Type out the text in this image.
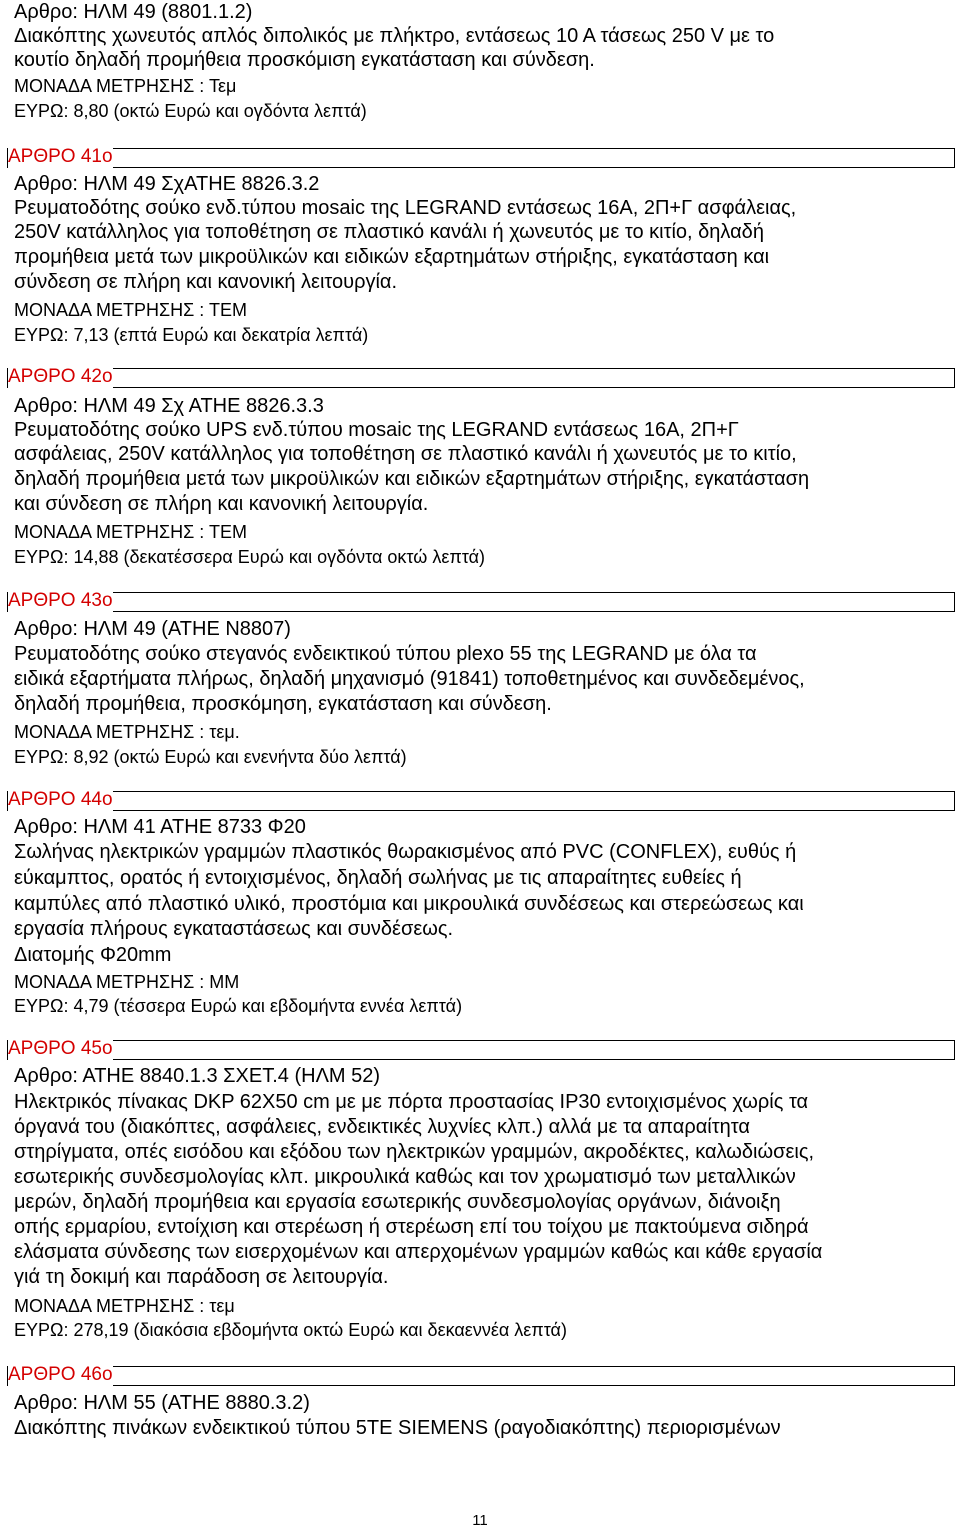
Αρθρο: ΗΛΜ 49 (8801.1.2)
Διακόπτης χωνευτός απλός διπολικός με πλήκτρο, εντάσεως 10 Α τάσεως 250 V με το
κουτίο δηλαδή προμήθεια προσκόμιση εγκατάσταση και σύνδεση.
ΜΟΝΑΔΑ ΜΕΤΡΗΣΗΣ : Τεμ
ΕΥΡΩ: 8,80 (οκτώ Ευρώ και ογδόντα λεπτά)
ΑΡΘΡΟ 41ο
Αρθρο: ΗΛΜ 49 ΣχΑΤΗΕ 8826.3.2
Ρευματοδότης σούκο ενδ.τύπου mosaic της LEGRAND εντάσεως 16Α, 2Π+Γ ασφάλειας,
250V κατάλληλος για τοποθέτηση σε πλαστικό κανάλι ή χωνευτός με το κιτίο, δηλαδή
προμήθεια μετά των μικροϋλικών και ειδικών εξαρτημάτων στήριξης, εγκατάσταση και
σύνδεση σε πλήρη και κανονική λειτουργία.
ΜΟΝΑΔΑ ΜΕΤΡΗΣΗΣ : ΤΕΜ
ΕΥΡΩ: 7,13 (επτά Ευρώ και δεκατρία λεπτά)
ΑΡΘΡΟ 42ο
Αρθρο: ΗΛΜ 49 Σχ ΑΤΗΕ 8826.3.3
Ρευματοδότης σούκο UPS ενδ.τύπου mosaic της LEGRAND εντάσεως 16Α, 2Π+Γ
ασφάλειας, 250V κατάλληλος για τοποθέτηση σε πλαστικό κανάλι ή χωνευτός με το κιτίο,
δηλαδή προμήθεια μετά των μικροϋλικών και ειδικών εξαρτημάτων στήριξης, εγκατάσταση
και σύνδεση σε πλήρη και κανονική λειτουργία.
ΜΟΝΑΔΑ ΜΕΤΡΗΣΗΣ : ΤΕΜ
ΕΥΡΩ: 14,88 (δεκατέσσερα Ευρώ και ογδόντα οκτώ λεπτά)
ΑΡΘΡΟ 43ο
Αρθρο: ΗΛΜ 49 (ΑΤΗΕ Ν8807)
Ρευματοδότης σούκο στεγανός ενδεικτικού τύπου plexo 55 της LEGRAND με όλα τα
ειδικά εξαρτήματα πλήρως, δηλαδή μηχανισμό (91841) τοποθετημένος και συνδεδεμένος,
δηλαδή προμήθεια, προσκόμηση, εγκατάσταση και σύνδεση.
ΜΟΝΑΔΑ ΜΕΤΡΗΣΗΣ : τεμ.
ΕΥΡΩ: 8,92 (οκτώ Ευρώ και ενενήντα δύο λεπτά)
ΑΡΘΡΟ 44ο
Αρθρο: ΗΛΜ 41 ΑΤΗΕ 8733 Φ20
Σωλήνας ηλεκτρικών γραμμών πλαστικός θωρακισμένος από PVC (CONFLEX), ευθύς ή
εύκαμπτος, ορατός ή εντοιχισμένος, δηλαδή σωλήνας με τις απαραίτητες ευθείες ή
καμπύλες από πλαστικό υλικό, προστόμια και μικρουλικά συνδέσεως και στερεώσεως και
εργασία πλήρους εγκαταστάσεως και συνδέσεως.
Διατομής Φ20mm
ΜΟΝΑΔΑ ΜΕΤΡΗΣΗΣ : ΜΜ
ΕΥΡΩ: 4,79 (τέσσερα Ευρώ και εβδομήντα εννέα λεπτά)
ΑΡΘΡΟ 45ο
Αρθρο: ΑΤΗΕ 8840.1.3 ΣΧΕΤ.4 (ΗΛΜ 52)
Ηλεκτρικός πίνακας DKP 62Χ50 cm με με πόρτα προστασίας IP30 εντοιχισμένος χωρίς τα
όργανά του (διακόπτες, ασφάλειες, ενδεικτικές λυχνίες κλπ.) αλλά με τα απαραίτητα
στηρίγματα, οπές εισόδου και εξόδου των ηλεκτρικών γραμμών, ακροδέκτες, καλωδιώσεις,
εσωτερικής συνδεσμολογίας κλπ. μικρουλικά καθώς και τον χρωματισμό των μεταλλικών
μερών, δηλαδή προμήθεια και εργασία εσωτερικής συνδεσμολογίας οργάνων, διάνοιξη
οπής ερμαρίου, εντοίχιση και στερέωση ή στερέωση επί του τοίχου με πακτούμενα σιδηρά
ελάσματα σύνδεσης των εισερχομένων και απερχομένων γραμμών καθώς και κάθε εργασία
γιά τη δοκιμή και παράδοση σε λειτουργία.
ΜΟΝΑΔΑ ΜΕΤΡΗΣΗΣ : τεμ
ΕΥΡΩ: 278,19 (διακόσια εβδομήντα οκτώ Ευρώ και δεκαεννέα λεπτά)
ΑΡΘΡΟ 46ο
Αρθρο: ΗΛΜ 55 (ΑΤΗΕ 8880.3.2)
Διακόπτης πινάκων ενδεικτικού τύπου 5ΤΕ SIEMENS (ραγοδιακόπτης) περιορισμένων
11
